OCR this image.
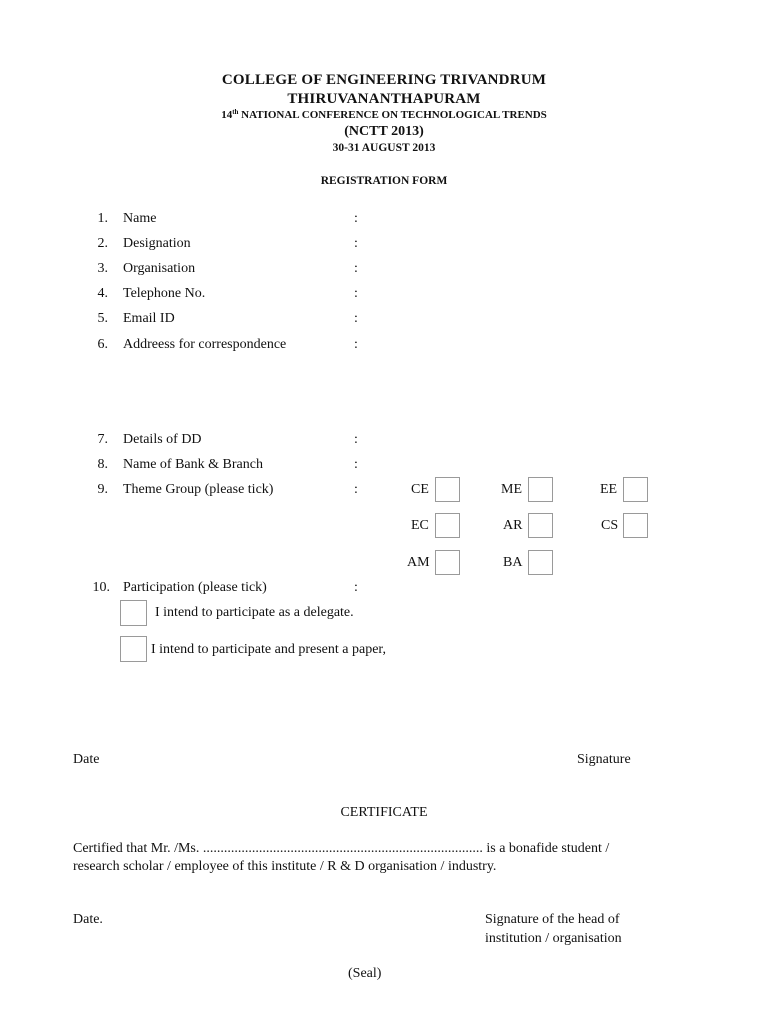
COLLEGE OF ENGINEERING TRIVANDRUM
THIRUVANANTHAPURAM
14th NATIONAL CONFERENCE ON TECHNOLOGICAL TRENDS
(NCTT 2013)
30-31 AUGUST 2013
REGISTRATION FORM
1. Name	:
2. Designation	:
3. Organisation	:
4. Telephone No.	:
5. Email ID	:
6. Addreess for correspondence	:
7. Details of DD	:
8. Name of Bank & Branch	:
9. Theme Group (please tick)	:	CE	ME	EE
EC	AR	CS
AM	BA
10. Participation (please tick)	:
I intend to participate as a delegate.
I intend to participate and present a paper,
Date	Signature
CERTIFICATE
Certified that Mr. /Ms. ................................................................................ is a bonafide student /
research scholar / employee of this institute / R & D organisation / industry.
Date.	Signature of the head of
institution / organisation
(Seal)
